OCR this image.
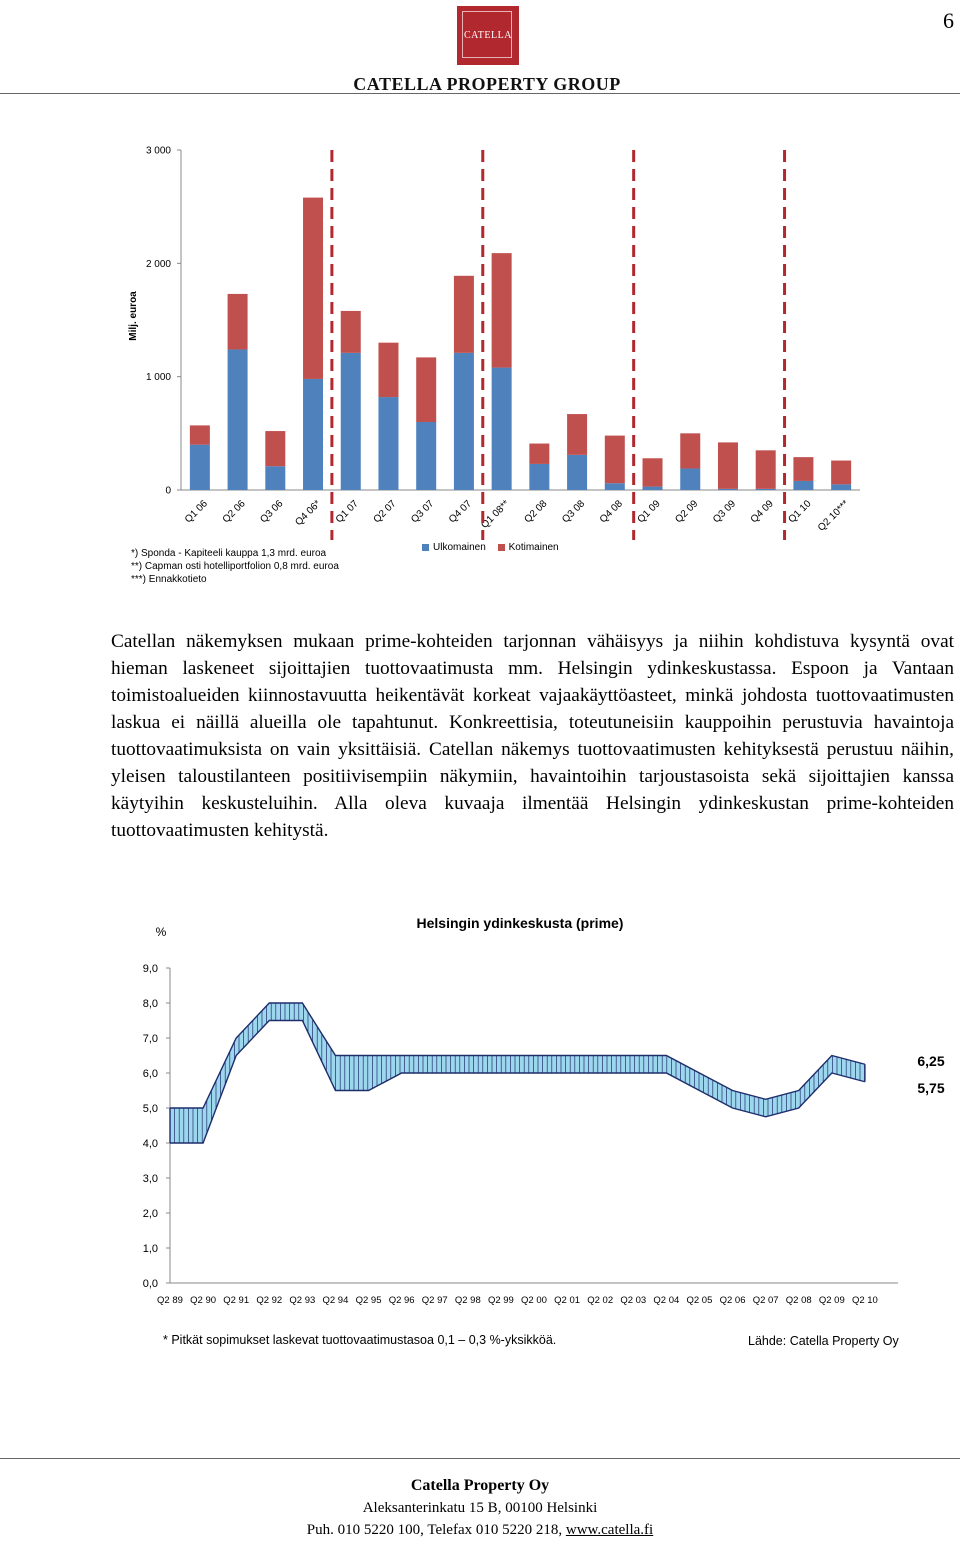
6
CATELLA
CATELLA PROPERTY GROUP
Milj. euroa
0
1 000
2 000
3 000
Q1 06 Q2 06 Q3 06 Q4 06* Q1 07 Q2 07 Q3 07 Q4 07 Q1 08** Q2 08 Q3 08 Q4 08 Q1 09 Q2 09 Q3 09 Q4 09 Q1 10 Q2 10***
*) Sponda - Kapiteeli kauppa 1,3 mrd. euroa
**) Capman osti hotelliportfolion 0,8 mrd. euroa
***) Ennakkotieto
Ulkomainen
Kotimainen
Catellan näkemyksen mukaan prime-kohteiden tarjonnan vähäisyys ja niihin kohdistuva kysyntä ovat hieman laskeneet sijoittajien tuottovaatimusta mm. Helsingin ydinkeskustassa. Espoon ja Vantaan toimistoalueiden kiinnostavuutta heikentävät korkeat vajaakäyttöasteet, minkä johdosta tuottovaatimusten laskua ei näillä alueilla ole tapahtunut. Konkreettisia, toteutuneisiin kauppoihin perustuvia havaintoja tuottovaatimuksista on vain yksittäisiä. Catellan näkemys tuottovaatimusten kehityksestä perustuu näihin, yleisen taloustilanteen positiivisempiin näkymiin, havaintoihin tarjoustasoista sekä sijoittajien kanssa käytyihin keskusteluihin. Alla oleva kuvaaja ilmentää Helsingin ydinkeskustan prime-kohteiden tuottovaatimusten kehitystä.
%
Helsingin ydinkeskusta (prime)
0,0
1,0
2,0
3,0
4,0
5,0
6,0
7,0
8,0
9,0
Q2 89 Q2 90 Q2 91 Q2 92 Q2 93 Q2 94 Q2 95 Q2 96 Q2 97 Q2 98 Q2 99 Q2 00 Q2 01 Q2 02 Q2 03 Q2 04 Q2 05 Q2 06 Q2 07 Q2 08 Q2 09 Q2 10
6,25
5,75
* Pitkät sopimukset laskevat tuottovaatimustasoa 0,1 – 0,3 %-yksikköä.	Lähde: Catella Property Oy
Catella Property Oy
Aleksanterinkatu 15 B, 00100 Helsinki
Puh. 010 5220 100, Telefax 010 5220 218, www.catella.fi
